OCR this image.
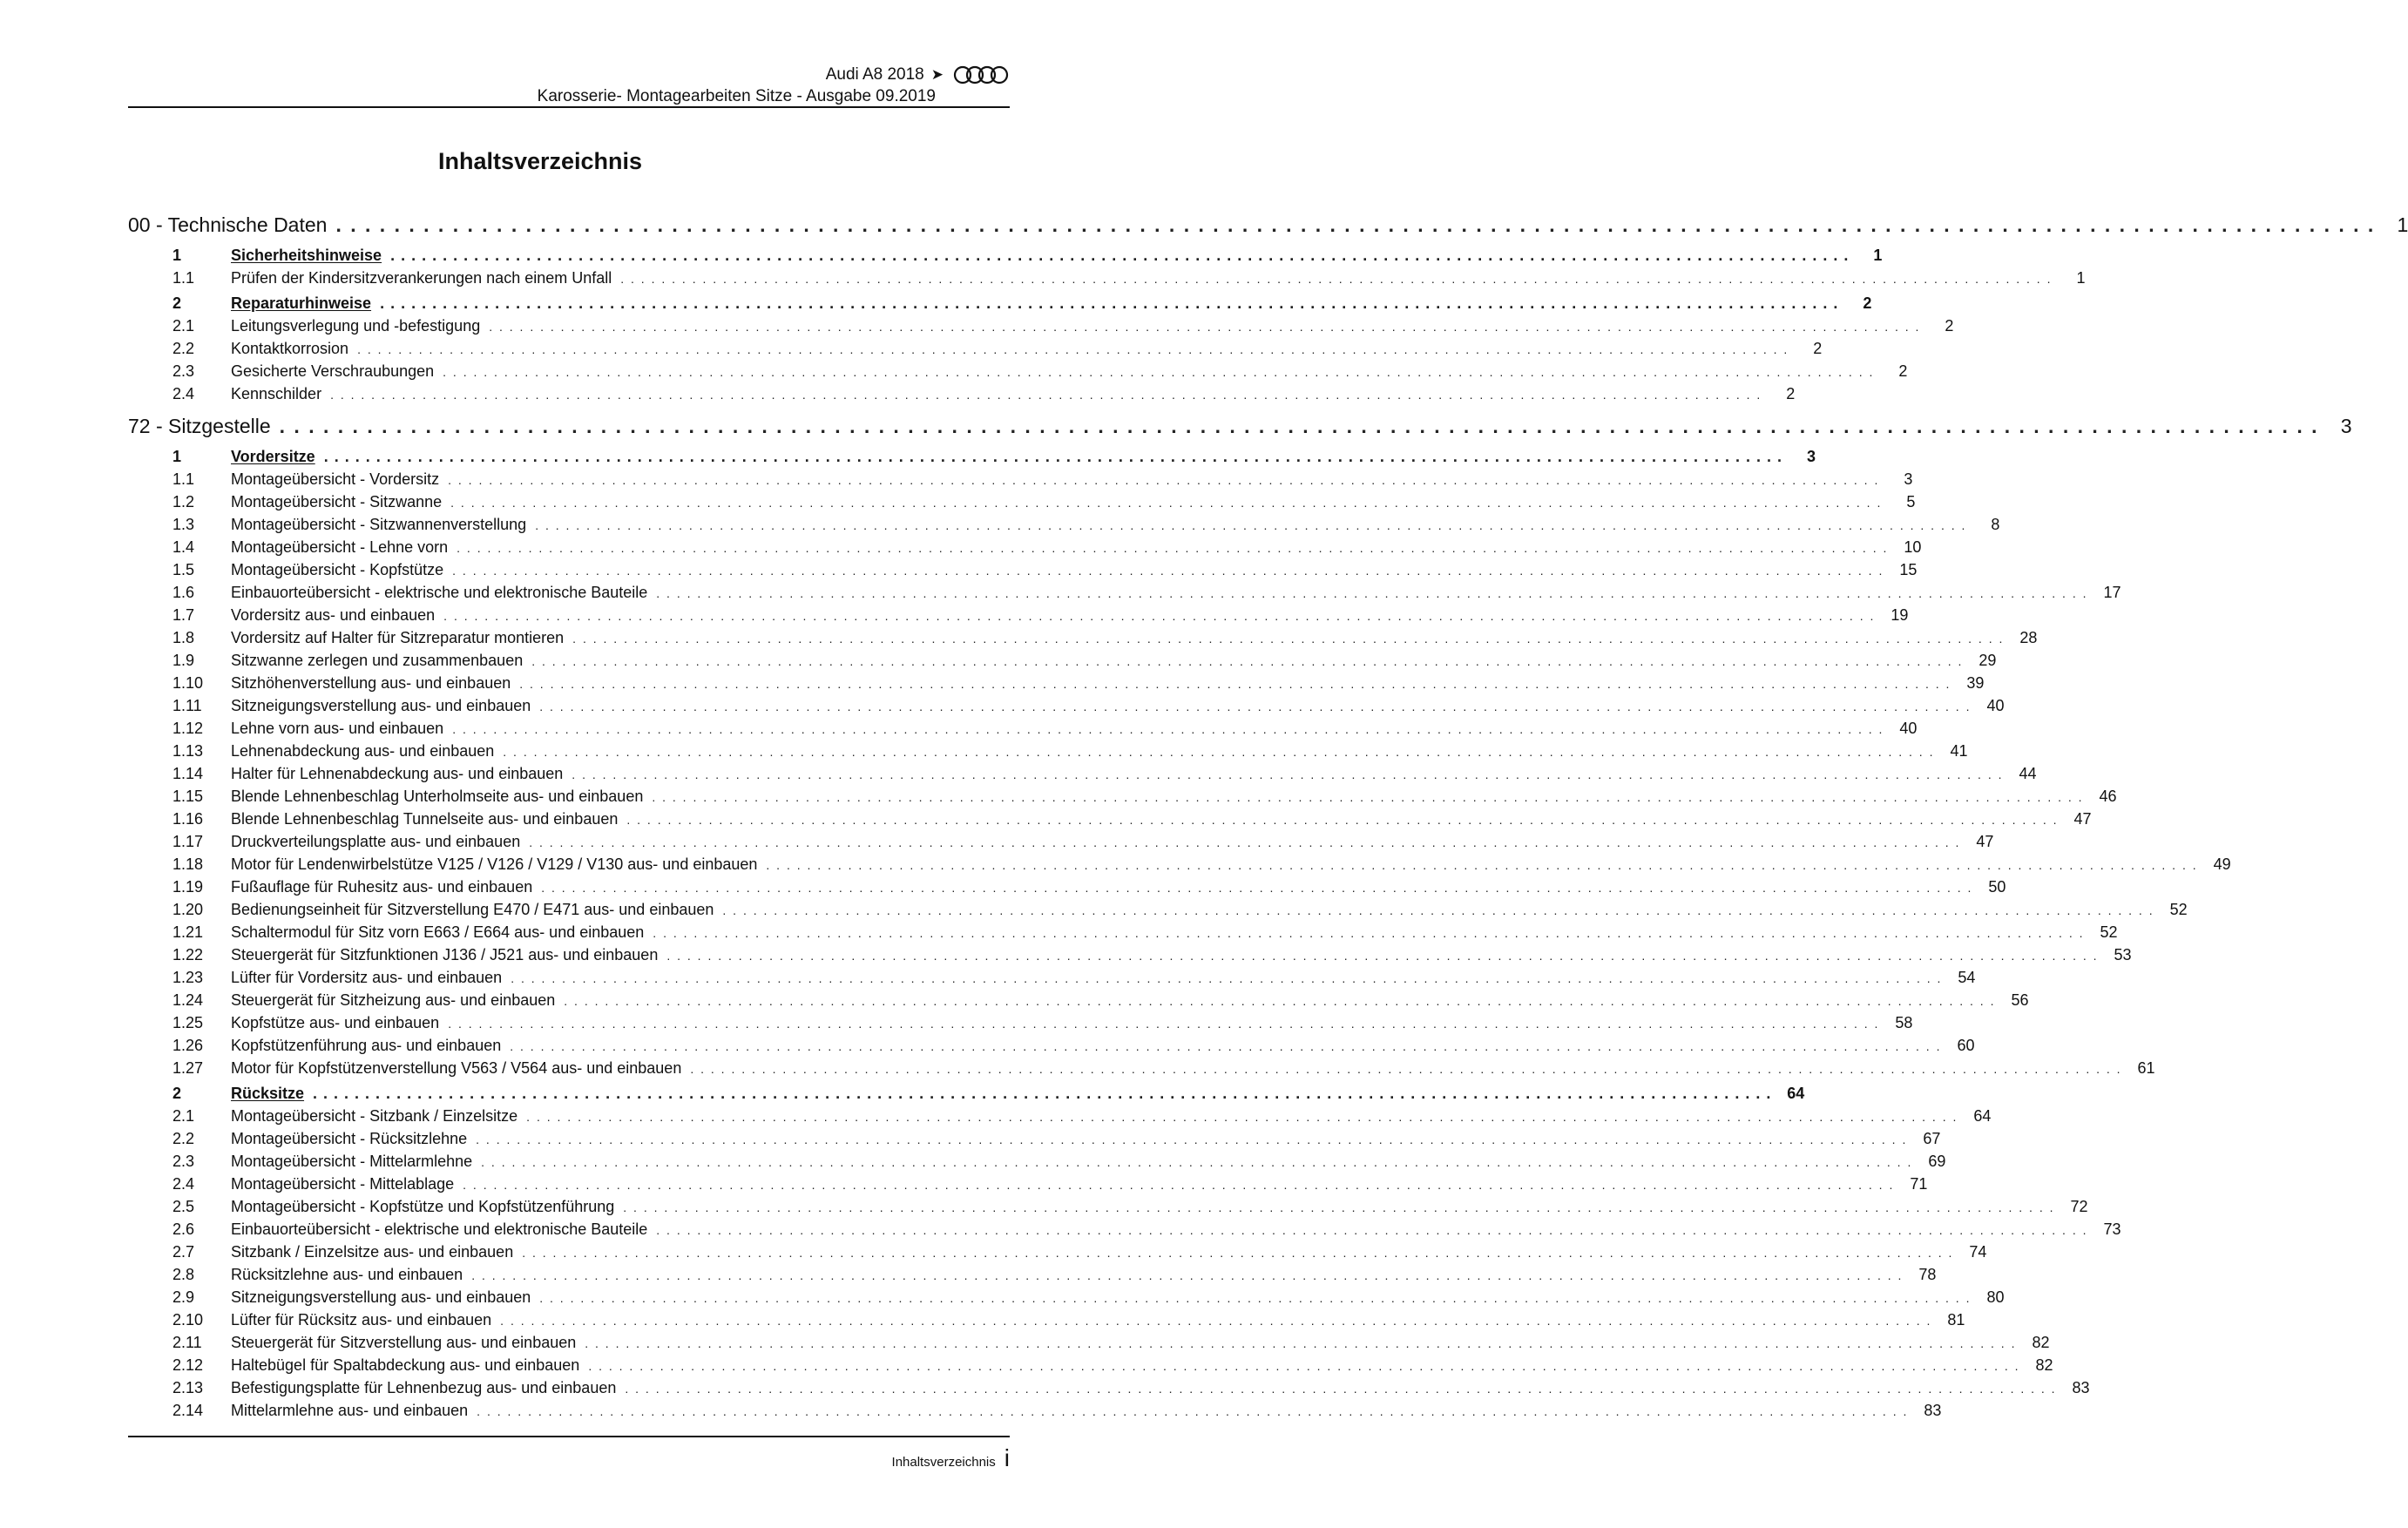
Audi A8 2018 ➤
Karosserie- Montagearbeiten Sitze - Ausgabe 09.2019
Inhaltsverzeichnis
00 - Technische Daten . . . . . . . . . . . . . . . . . . . . . . . . . . . . . . . . . . . . . . . . . . . . . . . . . . . . . . . . . . . . . . . . . . . . . . . . . . . . . . . . . . . . . . . . . . . . . . . . . . . . . . . . . . . . . . . . . . . . . . . . . . . . . . . . . . . . . . . . . . . .	1
1	Sicherheitshinweise . . . . . . . . . . . . . . . . . . . . . . . . . . . . . . . . . . . . . . . . . . . . . . . . . . . . . . . . . . . . . . . . . . . . . . . . . . . . . . . . . . . . . . . . . . . . . . . . . . . . . . . . . . . . . . . . . . . . . . . . . . . . . . . . . . . . . . . . . . . .	1
1.1	Prüfen der Kindersitzverankerungen nach einem Unfall . . . . . . . . . . . . . . . . . . . . . . . . . . . . . . . . . . . . . . . . . . . . . . . . . . . . . . . . . . . . . . . . . . . . . . . . . . . . . . . . . . . . . . . . . . . . . . . . . . . . . . . . . . . . . . . . . . . . . . . . . . . . . . . . . . . . . . . . . . . .	1
2	Reparaturhinweise . . . . . . . . . . . . . . . . . . . . . . . . . . . . . . . . . . . . . . . . . . . . . . . . . . . . . . . . . . . . . . . . . . . . . . . . . . . . . . . . . . . . . . . . . . . . . . . . . . . . . . . . . . . . . . . . . . . . . . . . . . . . . . . . . . . . . . . . . . . .	2
2.1	Leitungsverlegung und -befestigung . . . . . . . . . . . . . . . . . . . . . . . . . . . . . . . . . . . . . . . . . . . . . . . . . . . . . . . . . . . . . . . . . . . . . . . . . . . . . . . . . . . . . . . . . . . . . . . . . . . . . . . . . . . . . . . . . . . . . . . . . . . . . . . . . . . . . . . . . . . .	2
2.2	Kontaktkorrosion . . . . . . . . . . . . . . . . . . . . . . . . . . . . . . . . . . . . . . . . . . . . . . . . . . . . . . . . . . . . . . . . . . . . . . . . . . . . . . . . . . . . . . . . . . . . . . . . . . . . . . . . . . . . . . . . . . . . . . . . . . . . . . . . . . . . . . . . . . . .	2
2.3	Gesicherte Verschraubungen . . . . . . . . . . . . . . . . . . . . . . . . . . . . . . . . . . . . . . . . . . . . . . . . . . . . . . . . . . . . . . . . . . . . . . . . . . . . . . . . . . . . . . . . . . . . . . . . . . . . . . . . . . . . . . . . . . . . . . . . . . . . . . . . . . . . . . . . . . . .	2
2.4	Kennschilder . . . . . . . . . . . . . . . . . . . . . . . . . . . . . . . . . . . . . . . . . . . . . . . . . . . . . . . . . . . . . . . . . . . . . . . . . . . . . . . . . . . . . . . . . . . . . . . . . . . . . . . . . . . . . . . . . . . . . . . . . . . . . . . . . . . . . . . . . . . .	2
72 - Sitzgestelle . . . . . . . . . . . . . . . . . . . . . . . . . . . . . . . . . . . . . . . . . . . . . . . . . . . . . . . . . . . . . . . . . . . . . . . . . . . . . . . . . . . . . . . . . . . . . . . . . . . . . . . . . . . . . . . . . . . . . . . . . . . . . . . . . . . . . . . . . . . .	3
1	Vordersitze . . . . . . . . . . . . . . . . . . . . . . . . . . . . . . . . . . . . . . . . . . . . . . . . . . . . . . . . . . . . . . . . . . . . . . . . . . . . . . . . . . . . . . . . . . . . . . . . . . . . . . . . . . . . . . . . . . . . . . . . . . . . . . . . . . . . . . . . . . . .	3
1.1	Montageübersicht - Vordersitz . . . . . . . . . . . . . . . . . . . . . . . . . . . . . . . . . . . . . . . . . . . . . . . . . . . . . . . . . . . . . . . . . . . . . . . . . . . . . . . . . . . . . . . . . . . . . . . . . . . . . . . . . . . . . . . . . . . . . . . . . . . . . . . . . . . . . . . . . . . .	3
1.2	Montageübersicht - Sitzwanne . . . . . . . . . . . . . . . . . . . . . . . . . . . . . . . . . . . . . . . . . . . . . . . . . . . . . . . . . . . . . . . . . . . . . . . . . . . . . . . . . . . . . . . . . . . . . . . . . . . . . . . . . . . . . . . . . . . . . . . . . . . . . . . . . . . . . . . . . . . .	5
1.3	Montageübersicht - Sitzwannenverstellung . . . . . . . . . . . . . . . . . . . . . . . . . . . . . . . . . . . . . . . . . . . . . . . . . . . . . . . . . . . . . . . . . . . . . . . . . . . . . . . . . . . . . . . . . . . . . . . . . . . . . . . . . . . . . . . . . . . . . . . . . . . . . . . . . . . . . . . . . . . .	8
1.4	Montageübersicht - Lehne vorn . . . . . . . . . . . . . . . . . . . . . . . . . . . . . . . . . . . . . . . . . . . . . . . . . . . . . . . . . . . . . . . . . . . . . . . . . . . . . . . . . . . . . . . . . . . . . . . . . . . . . . . . . . . . . . . . . . . . . . . . . . . . . . . . . . . . . . . . . . . . 10
1.5	Montageübersicht - Kopfstütze . . . . . . . . . . . . . . . . . . . . . . . . . . . . . . . . . . . . . . . . . . . . . . . . . . . . . . . . . . . . . . . . . . . . . . . . . . . . . . . . . . . . . . . . . . . . . . . . . . . . . . . . . . . . . . . . . . . . . . . . . . . . . . . . . . . . . . . . . . . . 15
1.6	Einbauorteübersicht - elektrische und elektronische Bauteile . . . . . . . . . . . . . . . . . . . . . . . . . . . . . . . . . . . . . . . . . . . . . . . . . . . . . . . . . . . . . . . . . . . . . . . . . . . . . . . . . . . . . . . . . . . . . . . . . . . . . . . . . . . . . . . . . . . . . . . . . . . . . . . . . . . . . . . . . . . . 17
1.7	Vordersitz aus- und einbauen . . . . . . . . . . . . . . . . . . . . . . . . . . . . . . . . . . . . . . . . . . . . . . . . . . . . . . . . . . . . . . . . . . . . . . . . . . . . . . . . . . . . . . . . . . . . . . . . . . . . . . . . . . . . . . . . . . . . . . . . . . . . . . . . . . . . . . . . . . . . 19
1.8	Vordersitz auf Halter für Sitzreparatur montieren . . . . . . . . . . . . . . . . . . . . . . . . . . . . . . . . . . . . . . . . . . . . . . . . . . . . . . . . . . . . . . . . . . . . . . . . . . . . . . . . . . . . . . . . . . . . . . . . . . . . . . . . . . . . . . . . . . . . . . . . . . . . . . . . . . . . . . . . . . . . 28
1.9	Sitzwanne zerlegen und zusammenbauen . . . . . . . . . . . . . . . . . . . . . . . . . . . . . . . . . . . . . . . . . . . . . . . . . . . . . . . . . . . . . . . . . . . . . . . . . . . . . . . . . . . . . . . . . . . . . . . . . . . . . . . . . . . . . . . . . . . . . . . . . . . . . . . . . . . . . . . . . . . . 29
1.10	Sitzhöhenverstellung aus- und einbauen . . . . . . . . . . . . . . . . . . . . . . . . . . . . . . . . . . . . . . . . . . . . . . . . . . . . . . . . . . . . . . . . . . . . . . . . . . . . . . . . . . . . . . . . . . . . . . . . . . . . . . . . . . . . . . . . . . . . . . . . . . . . . . . . . . . . . . . . . . . . 39
1.11	Sitzneigungsverstellung aus- und einbauen . . . . . . . . . . . . . . . . . . . . . . . . . . . . . . . . . . . . . . . . . . . . . . . . . . . . . . . . . . . . . . . . . . . . . . . . . . . . . . . . . . . . . . . . . . . . . . . . . . . . . . . . . . . . . . . . . . . . . . . . . . . . . . . . . . . . . . . . . . . . 40
1.12	Lehne vorn aus- und einbauen . . . . . . . . . . . . . . . . . . . . . . . . . . . . . . . . . . . . . . . . . . . . . . . . . . . . . . . . . . . . . . . . . . . . . . . . . . . . . . . . . . . . . . . . . . . . . . . . . . . . . . . . . . . . . . . . . . . . . . . . . . . . . . . . . . . . . . . . . . . . 40
1.13	Lehnenabdeckung aus- und einbauen . . . . . . . . . . . . . . . . . . . . . . . . . . . . . . . . . . . . . . . . . . . . . . . . . . . . . . . . . . . . . . . . . . . . . . . . . . . . . . . . . . . . . . . . . . . . . . . . . . . . . . . . . . . . . . . . . . . . . . . . . . . . . . . . . . . . . . . . . . . . 41
1.14	Halter für Lehnenabdeckung aus- und einbauen . . . . . . . . . . . . . . . . . . . . . . . . . . . . . . . . . . . . . . . . . . . . . . . . . . . . . . . . . . . . . . . . . . . . . . . . . . . . . . . . . . . . . . . . . . . . . . . . . . . . . . . . . . . . . . . . . . . . . . . . . . . . . . . . . . . . . . . . . . . . 44
1.15	Blende Lehnenbeschlag Unterholmseite aus- und einbauen . . . . . . . . . . . . . . . . . . . . . . . . . . . . . . . . . . . . . . . . . . . . . . . . . . . . . . . . . . . . . . . . . . . . . . . . . . . . . . . . . . . . . . . . . . . . . . . . . . . . . . . . . . . . . . . . . . . . . . . . . . . . . . . . . . . . . . . . . . . . 46
1.16	Blende Lehnenbeschlag Tunnelseite aus- und einbauen . . . . . . . . . . . . . . . . . . . . . . . . . . . . . . . . . . . . . . . . . . . . . . . . . . . . . . . . . . . . . . . . . . . . . . . . . . . . . . . . . . . . . . . . . . . . . . . . . . . . . . . . . . . . . . . . . . . . . . . . . . . . . . . . . . . . . . . . . . . . 47
1.17	Druckverteilungsplatte aus- und einbauen . . . . . . . . . . . . . . . . . . . . . . . . . . . . . . . . . . . . . . . . . . . . . . . . . . . . . . . . . . . . . . . . . . . . . . . . . . . . . . . . . . . . . . . . . . . . . . . . . . . . . . . . . . . . . . . . . . . . . . . . . . . . . . . . . . . . . . . . . . . . 47
1.18	Motor für Lendenwirbelstütze V125 / V126 / V129 / V130 aus- und einbauen . . . . . . . . . . . . . . . . . . . . . . . . . . . . . . . . . . . . . . . . . . . . . . . . . . . . . . . . . . . . . . . . . . . . . . . . . . . . . . . . . . . . . . . . . . . . . . . . . . . . . . . . . . . . . . . . . . . . . . . . . . . . . . . . . . . . . . . . . . . . 49
1.19	Fußauflage für Ruhesitz aus- und einbauen . . . . . . . . . . . . . . . . . . . . . . . . . . . . . . . . . . . . . . . . . . . . . . . . . . . . . . . . . . . . . . . . . . . . . . . . . . . . . . . . . . . . . . . . . . . . . . . . . . . . . . . . . . . . . . . . . . . . . . . . . . . . . . . . . . . . . . . . . . . . 50
1.20	Bedienungseinheit für Sitzverstellung E470 / E471 aus- und einbauen . . . . . . . . . . . . . . . . . . . . . . . . . . . . . . . . . . . . . . . . . . . . . . . . . . . . . . . . . . . . . . . . . . . . . . . . . . . . . . . . . . . . . . . . . . . . . . . . . . . . . . . . . . . . . . . . . . . . . . . . . . . . . . . . . . . . . . . . . . . . 52
1.21	Schaltermodul für Sitz vorn E663 / E664 aus- und einbauen . . . . . . . . . . . . . . . . . . . . . . . . . . . . . . . . . . . . . . . . . . . . . . . . . . . . . . . . . . . . . . . . . . . . . . . . . . . . . . . . . . . . . . . . . . . . . . . . . . . . . . . . . . . . . . . . . . . . . . . . . . . . . . . . . . . . . . . . . . . . 52
1.22	Steuergerät für Sitzfunktionen J136 / J521 aus- und einbauen . . . . . . . . . . . . . . . . . . . . . . . . . . . . . . . . . . . . . . . . . . . . . . . . . . . . . . . . . . . . . . . . . . . . . . . . . . . . . . . . . . . . . . . . . . . . . . . . . . . . . . . . . . . . . . . . . . . . . . . . . . . . . . . . . . . . . . . . . . . . 53
1.23	Lüfter für Vordersitz aus- und einbauen . . . . . . . . . . . . . . . . . . . . . . . . . . . . . . . . . . . . . . . . . . . . . . . . . . . . . . . . . . . . . . . . . . . . . . . . . . . . . . . . . . . . . . . . . . . . . . . . . . . . . . . . . . . . . . . . . . . . . . . . . . . . . . . . . . . . . . . . . . . . 54
1.24	Steuergerät für Sitzheizung aus- und einbauen . . . . . . . . . . . . . . . . . . . . . . . . . . . . . . . . . . . . . . . . . . . . . . . . . . . . . . . . . . . . . . . . . . . . . . . . . . . . . . . . . . . . . . . . . . . . . . . . . . . . . . . . . . . . . . . . . . . . . . . . . . . . . . . . . . . . . . . . . . . . 56
1.25	Kopfstütze aus- und einbauen . . . . . . . . . . . . . . . . . . . . . . . . . . . . . . . . . . . . . . . . . . . . . . . . . . . . . . . . . . . . . . . . . . . . . . . . . . . . . . . . . . . . . . . . . . . . . . . . . . . . . . . . . . . . . . . . . . . . . . . . . . . . . . . . . . . . . . . . . . . . 58
1.26	Kopfstützenführung aus- und einbauen . . . . . . . . . . . . . . . . . . . . . . . . . . . . . . . . . . . . . . . . . . . . . . . . . . . . . . . . . . . . . . . . . . . . . . . . . . . . . . . . . . . . . . . . . . . . . . . . . . . . . . . . . . . . . . . . . . . . . . . . . . . . . . . . . . . . . . . . . . . . 60
1.27	Motor für Kopfstützenverstellung V563 / V564 aus- und einbauen . . . . . . . . . . . . . . . . . . . . . . . . . . . . . . . . . . . . . . . . . . . . . . . . . . . . . . . . . . . . . . . . . . . . . . . . . . . . . . . . . . . . . . . . . . . . . . . . . . . . . . . . . . . . . . . . . . . . . . . . . . . . . . . . . . . . . . . . . . . . 61
2	Rücksitze . . . . . . . . . . . . . . . . . . . . . . . . . . . . . . . . . . . . . . . . . . . . . . . . . . . . . . . . . . . . . . . . . . . . . . . . . . . . . . . . . . . . . . . . . . . . . . . . . . . . . . . . . . . . . . . . . . . . . . . . . . . . . . . . . . . . . . . . . . . . 64
2.1	Montageübersicht - Sitzbank / Einzelsitze . . . . . . . . . . . . . . . . . . . . . . . . . . . . . . . . . . . . . . . . . . . . . . . . . . . . . . . . . . . . . . . . . . . . . . . . . . . . . . . . . . . . . . . . . . . . . . . . . . . . . . . . . . . . . . . . . . . . . . . . . . . . . . . . . . . . . . . . . . . . 64
2.2	Montageübersicht - Rücksitzlehne . . . . . . . . . . . . . . . . . . . . . . . . . . . . . . . . . . . . . . . . . . . . . . . . . . . . . . . . . . . . . . . . . . . . . . . . . . . . . . . . . . . . . . . . . . . . . . . . . . . . . . . . . . . . . . . . . . . . . . . . . . . . . . . . . . . . . . . . . . . . 67
2.3	Montageübersicht - Mittelarmlehne . . . . . . . . . . . . . . . . . . . . . . . . . . . . . . . . . . . . . . . . . . . . . . . . . . . . . . . . . . . . . . . . . . . . . . . . . . . . . . . . . . . . . . . . . . . . . . . . . . . . . . . . . . . . . . . . . . . . . . . . . . . . . . . . . . . . . . . . . . . . 69
2.4	Montageübersicht - Mittelablage . . . . . . . . . . . . . . . . . . . . . . . . . . . . . . . . . . . . . . . . . . . . . . . . . . . . . . . . . . . . . . . . . . . . . . . . . . . . . . . . . . . . . . . . . . . . . . . . . . . . . . . . . . . . . . . . . . . . . . . . . . . . . . . . . . . . . . . . . . . . 71
2.5	Montageübersicht - Kopfstütze und Kopfstützenführung . . . . . . . . . . . . . . . . . . . . . . . . . . . . . . . . . . . . . . . . . . . . . . . . . . . . . . . . . . . . . . . . . . . . . . . . . . . . . . . . . . . . . . . . . . . . . . . . . . . . . . . . . . . . . . . . . . . . . . . . . . . . . . . . . . . . . . . . . . . . 72
2.6	Einbauorteübersicht - elektrische und elektronische Bauteile . . . . . . . . . . . . . . . . . . . . . . . . . . . . . . . . . . . . . . . . . . . . . . . . . . . . . . . . . . . . . . . . . . . . . . . . . . . . . . . . . . . . . . . . . . . . . . . . . . . . . . . . . . . . . . . . . . . . . . . . . . . . . . . . . . . . . . . . . . . . 73
2.7	Sitzbank / Einzelsitze aus- und einbauen . . . . . . . . . . . . . . . . . . . . . . . . . . . . . . . . . . . . . . . . . . . . . . . . . . . . . . . . . . . . . . . . . . . . . . . . . . . . . . . . . . . . . . . . . . . . . . . . . . . . . . . . . . . . . . . . . . . . . . . . . . . . . . . . . . . . . . . . . . . . 74
2.8	Rücksitzlehne aus- und einbauen . . . . . . . . . . . . . . . . . . . . . . . . . . . . . . . . . . . . . . . . . . . . . . . . . . . . . . . . . . . . . . . . . . . . . . . . . . . . . . . . . . . . . . . . . . . . . . . . . . . . . . . . . . . . . . . . . . . . . . . . . . . . . . . . . . . . . . . . . . . . 78
2.9	Sitzneigungsverstellung aus- und einbauen . . . . . . . . . . . . . . . . . . . . . . . . . . . . . . . . . . . . . . . . . . . . . . . . . . . . . . . . . . . . . . . . . . . . . . . . . . . . . . . . . . . . . . . . . . . . . . . . . . . . . . . . . . . . . . . . . . . . . . . . . . . . . . . . . . . . . . . . . . . . 80
2.10	Lüfter für Rücksitz aus- und einbauen . . . . . . . . . . . . . . . . . . . . . . . . . . . . . . . . . . . . . . . . . . . . . . . . . . . . . . . . . . . . . . . . . . . . . . . . . . . . . . . . . . . . . . . . . . . . . . . . . . . . . . . . . . . . . . . . . . . . . . . . . . . . . . . . . . . . . . . . . . . . 81
2.11	Steuergerät für Sitzverstellung aus- und einbauen . . . . . . . . . . . . . . . . . . . . . . . . . . . . . . . . . . . . . . . . . . . . . . . . . . . . . . . . . . . . . . . . . . . . . . . . . . . . . . . . . . . . . . . . . . . . . . . . . . . . . . . . . . . . . . . . . . . . . . . . . . . . . . . . . . . . . . . . . . . . 82
2.12	Haltebügel für Spaltabdeckung aus- und einbauen . . . . . . . . . . . . . . . . . . . . . . . . . . . . . . . . . . . . . . . . . . . . . . . . . . . . . . . . . . . . . . . . . . . . . . . . . . . . . . . . . . . . . . . . . . . . . . . . . . . . . . . . . . . . . . . . . . . . . . . . . . . . . . . . . . . . . . . . . . . . 82
2.13	Befestigungsplatte für Lehnenbezug aus- und einbauen . . . . . . . . . . . . . . . . . . . . . . . . . . . . . . . . . . . . . . . . . . . . . . . . . . . . . . . . . . . . . . . . . . . . . . . . . . . . . . . . . . . . . . . . . . . . . . . . . . . . . . . . . . . . . . . . . . . . . . . . . . . . . . . . . . . . . . . . . . . . 83
2.14	Mittelarmlehne aus- und einbauen . . . . . . . . . . . . . . . . . . . . . . . . . . . . . . . . . . . . . . . . . . . . . . . . . . . . . . . . . . . . . . . . . . . . . . . . . . . . . . . . . . . . . . . . . . . . . . . . . . . . . . . . . . . . . . . . . . . . . . . . . . . . . . . . . . . . . . . . . . . . 83
Inhaltsverzeichnis i
